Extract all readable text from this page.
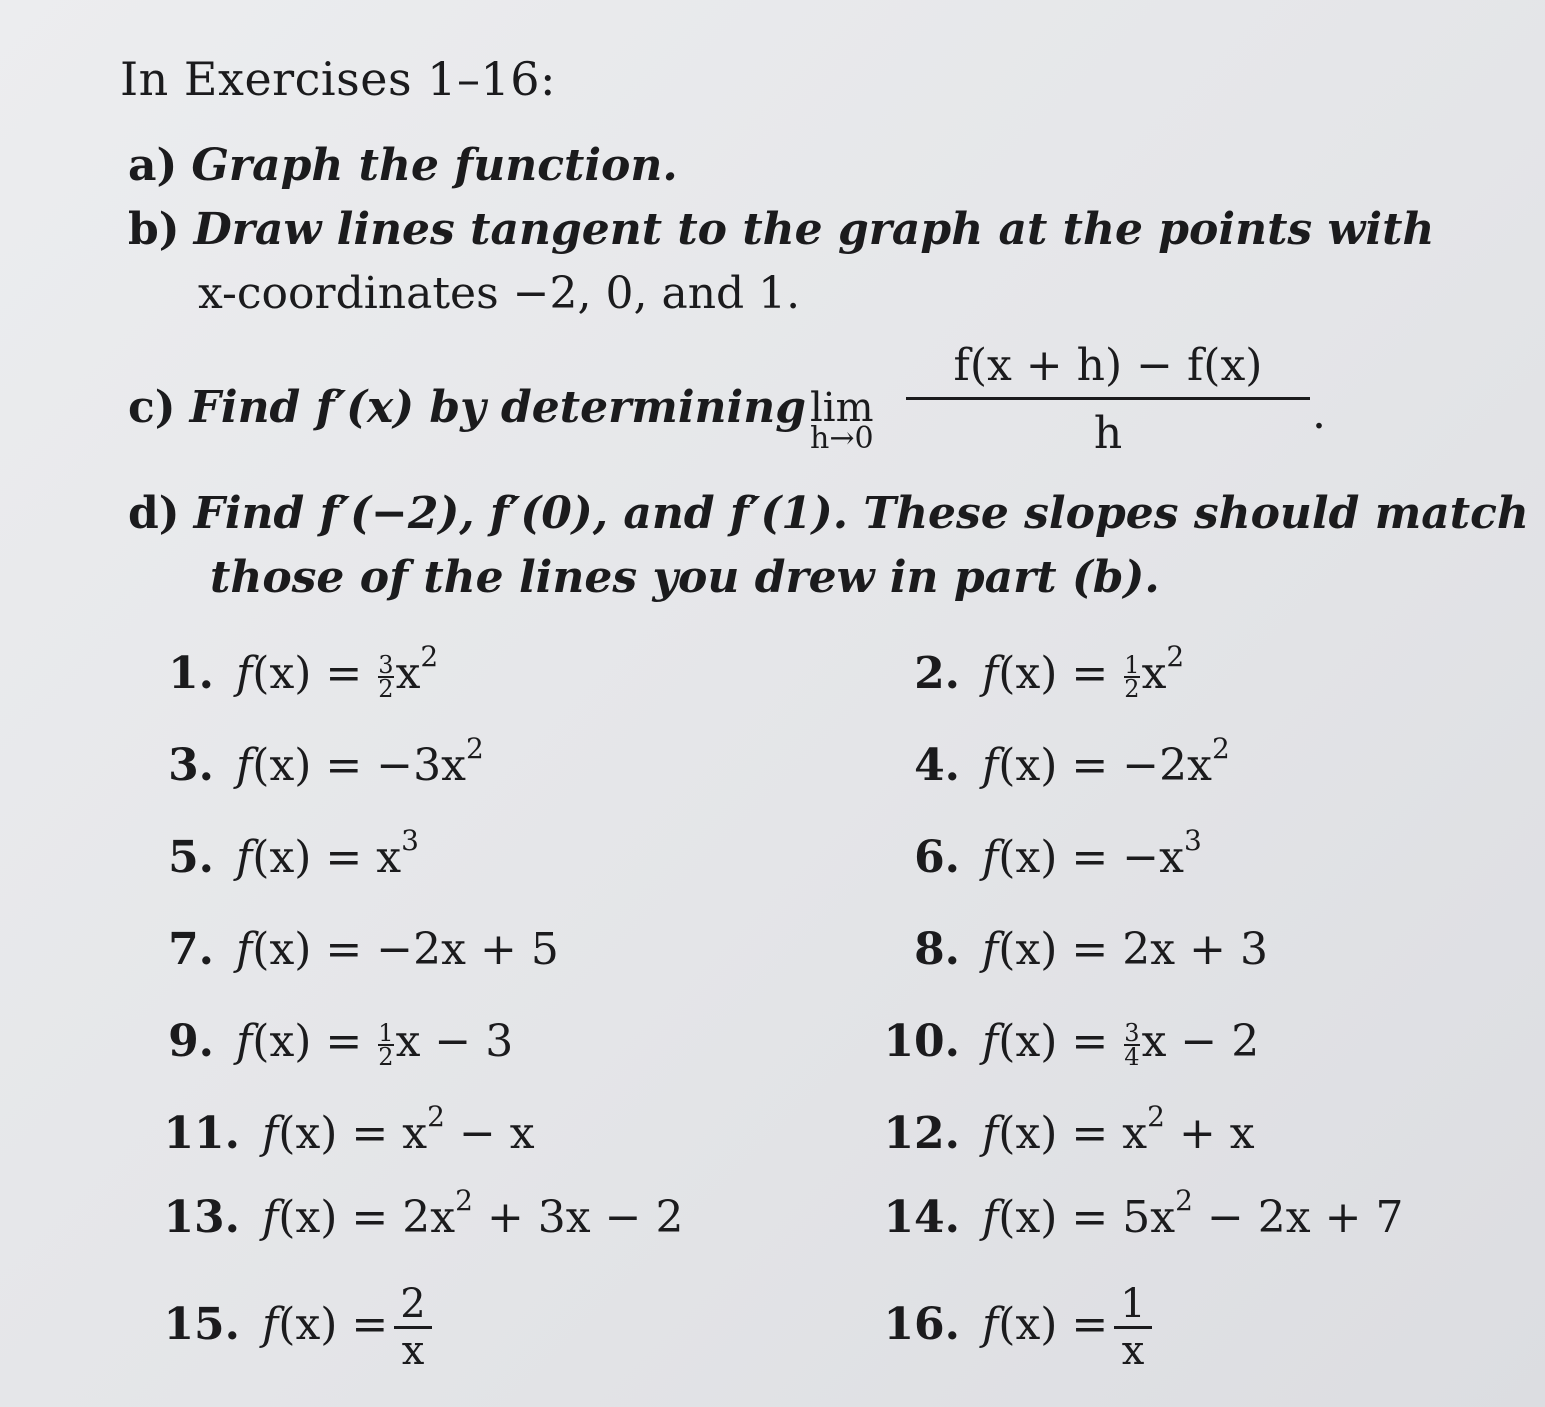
In Exercises 1–16:
a) Graph the function.
b) Draw lines tangent to the graph at the points with
x-coordinates −2, 0, and 1.
c) Find f′(x) by determining lim
h→0
f(x + h) − f(x)
h	.
d) Find f′(−2), f′(0), and f′(1). These slopes should match
those of the lines you drew in part (b).
1. $f(x) = \frac{3}{2} x^2$
3. $f(x) = -3x^2$
5. $f(x) = x^3$
7. f(x) = −2x + 5
9. $f(x) = \frac{1}{2}$ x − 3
11. $f(x) = x^2 - x$
13. $f(x) = 2x^2 + 3x - 2$
15. $f(x) = \frac{2}{x}$
2. $f(x) = \frac{1}{2} x^2$
4. $f(x) = -2x^2$
6. $f(x) = -x^3$
8. f(x) = 2x + 3
10. $f(x) = \frac{3}{4}$ x − 2
12. $f(x) = x^2 + x$
14. $f(x) = 5x^2 - 2x + 7$
16. $f(x) = \frac{1}{x}$
